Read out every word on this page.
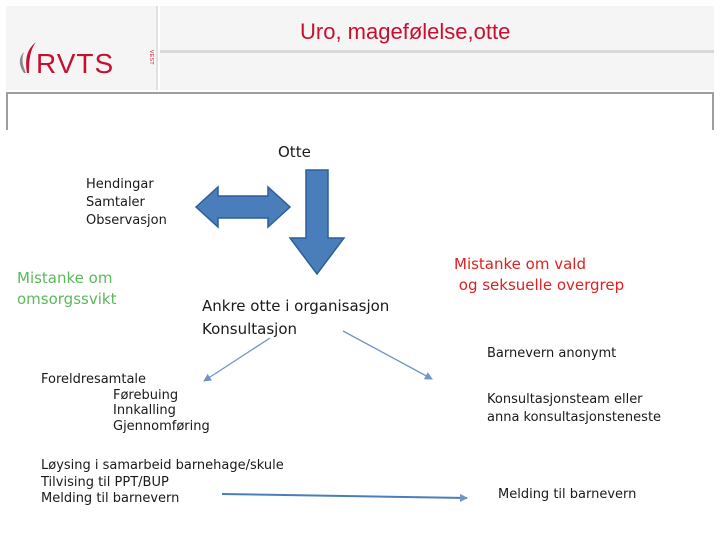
RVTS	VEST
Uro, magefølelse,otte
Otte
Hendingar
Samtaler
Observasjon
Mistanke om
omsorgssvikt
Mistanke om vald
og seksuelle overgrep
Ankre otte i organisasjon
Konsultasjon
Foreldresamtale
Førebuing
Innkalling
Gjennomføring
Barnevern anonymt
Konsultasjonsteam eller
anna konsultasjonsteneste
Løysing i samarbeid barnehage/skule
Tilvising til PPT/BUP
Melding til barnevern	Melding til barnevern
